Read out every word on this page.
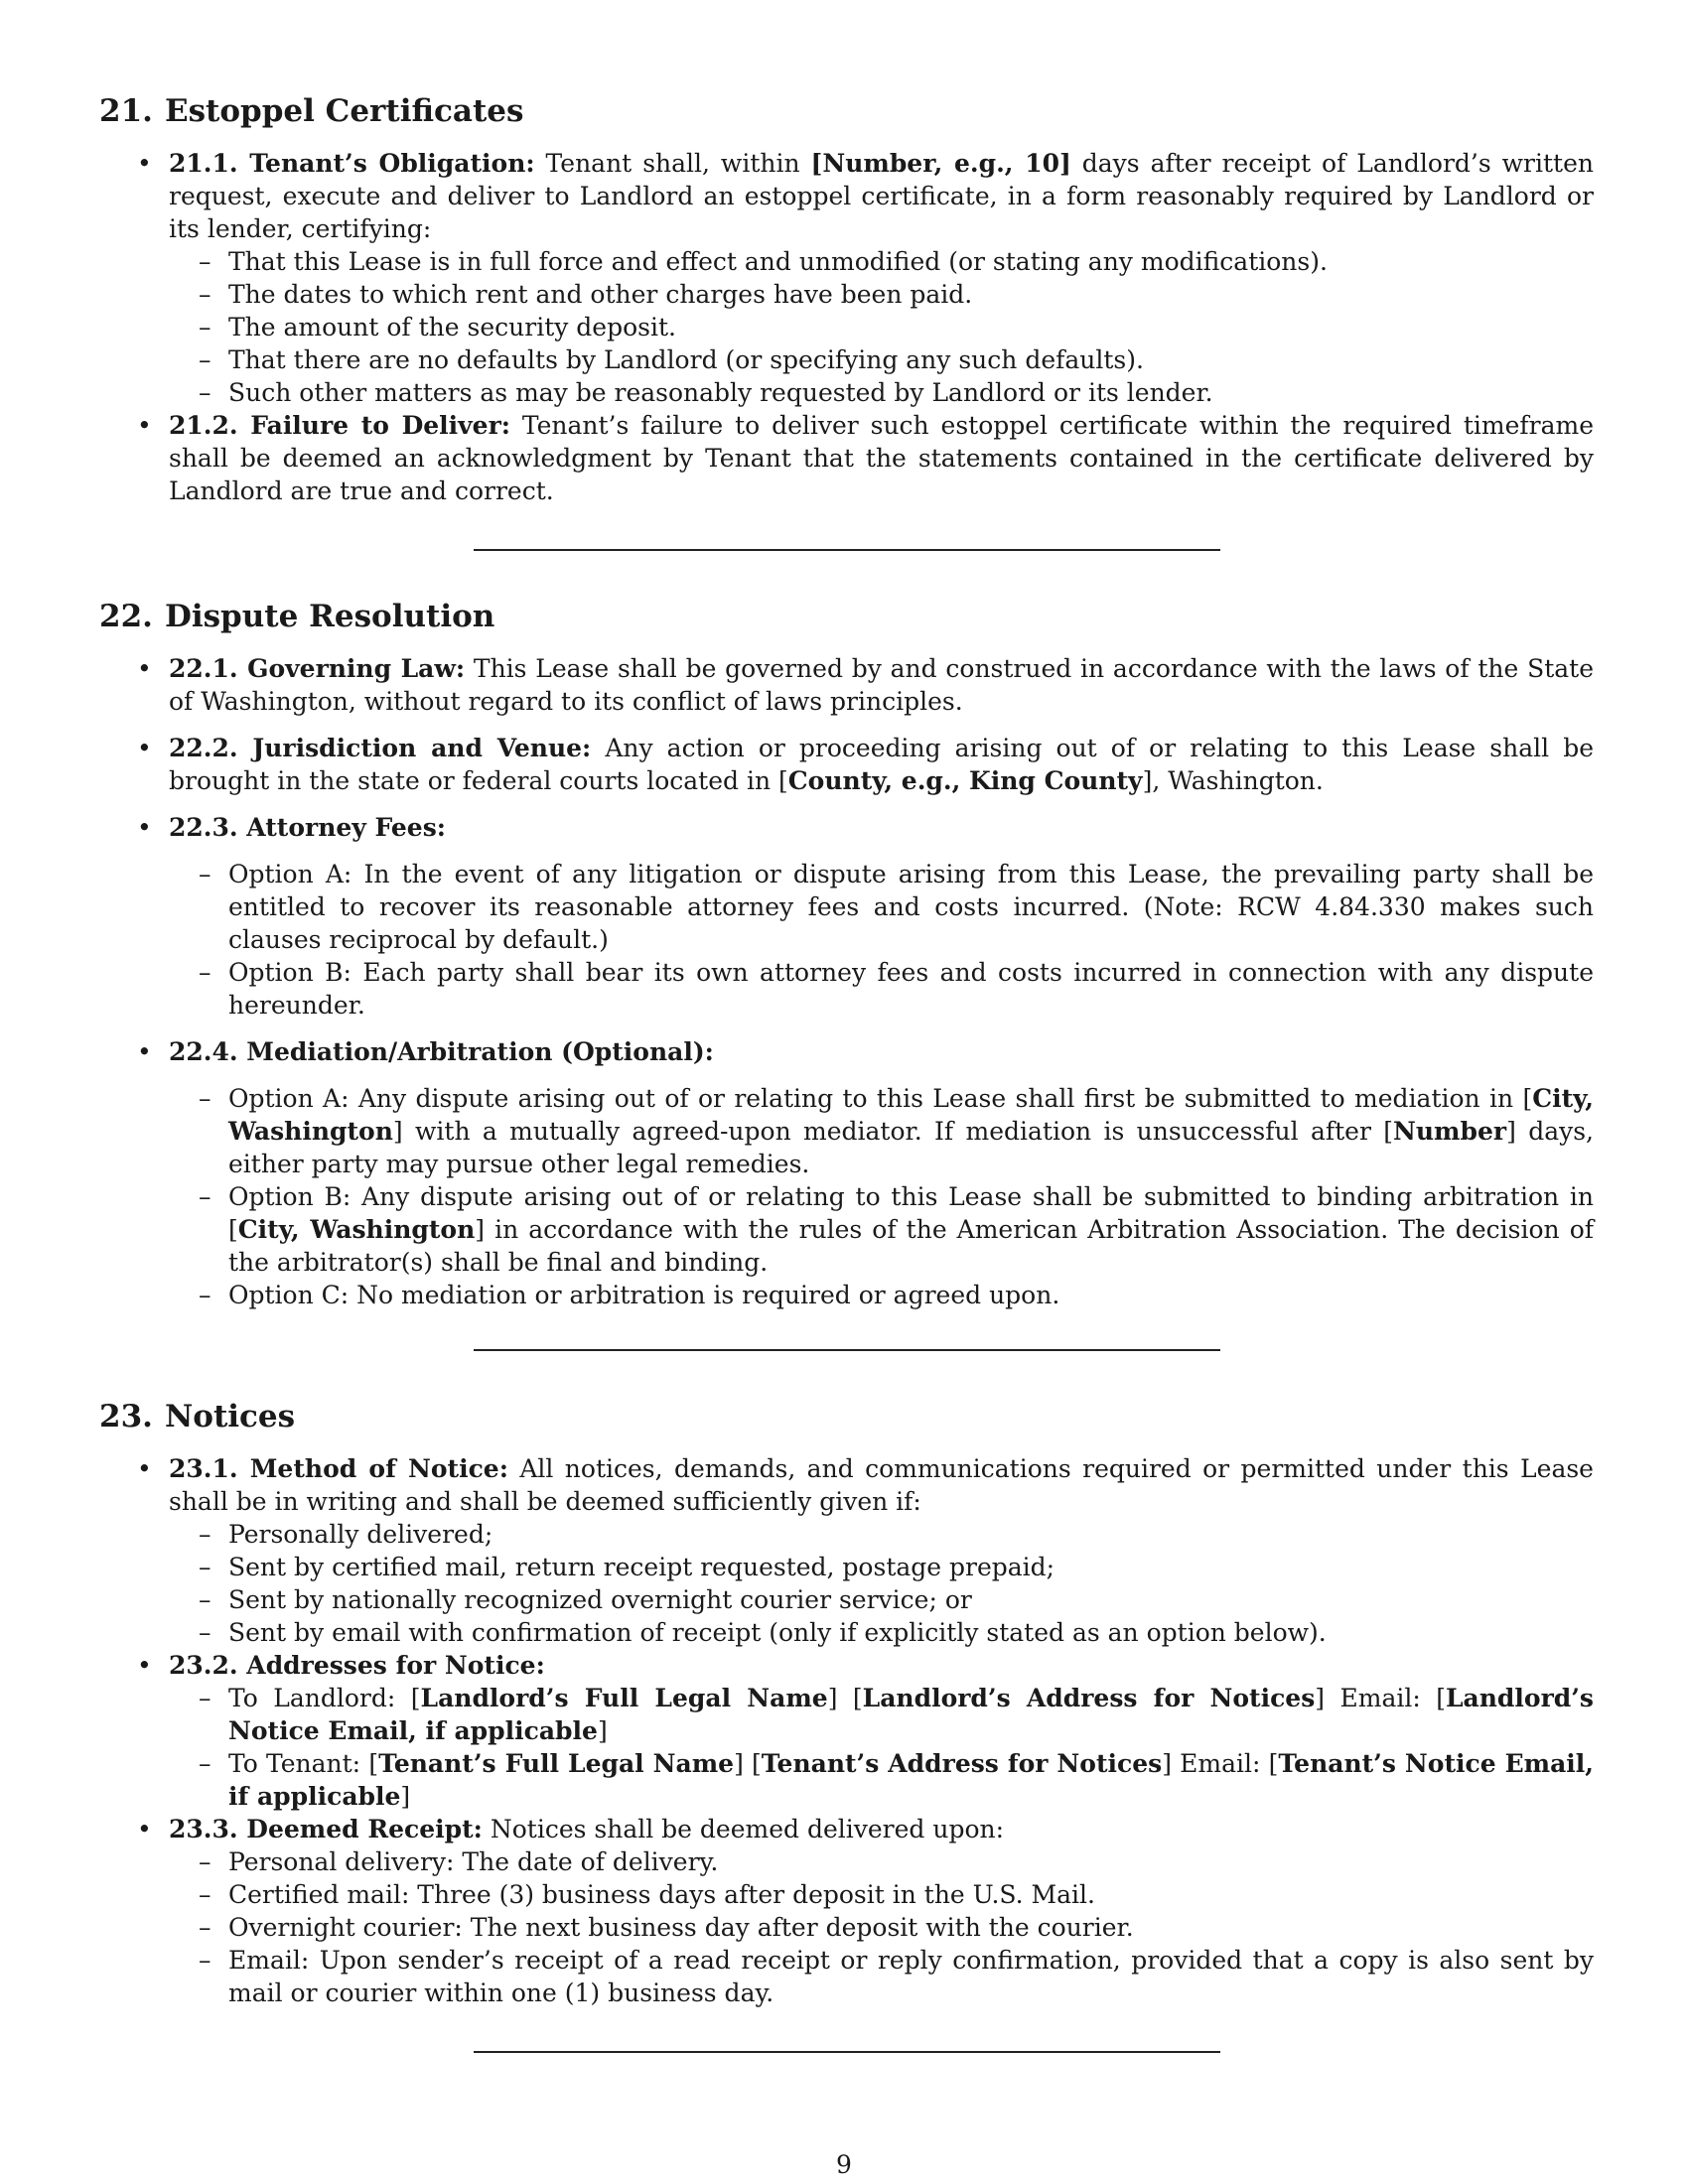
21. Estoppel Certificates
• 21.1. Tenant’s Obligation: Tenant shall, within [Number, e.g., 10] days after receipt of Landlord’s written request, execute and deliver to Landlord an estoppel certificate, in a form reasonably required by Landlord or its lender, certifying:
– That this Lease is in full force and effect and unmodified (or stating any modifications).
– The dates to which rent and other charges have been paid.
– The amount of the security deposit.
– That there are no defaults by Landlord (or specifying any such defaults).
– Such other matters as may be reasonably requested by Landlord or its lender.
• 21.2. Failure to Deliver: Tenant’s failure to deliver such estoppel certificate within the required timeframe shall be deemed an acknowledgment by Tenant that the statements contained in the certificate delivered by Landlord are true and correct.
22. Dispute Resolution
• 22.1. Governing Law: This Lease shall be governed by and construed in accordance with the laws of the State of Washington, without regard to its conflict of laws principles.
• 22.2. Jurisdiction and Venue: Any action or proceeding arising out of or relating to this Lease shall be brought in the state or federal courts located in [County, e.g., King County], Washington.
• 22.3. Attorney Fees:
– Option A: In the event of any litigation or dispute arising from this Lease, the prevailing party shall be entitled to recover its reasonable attorney fees and costs incurred. (Note: RCW 4.84.330 makes such clauses reciprocal by default.)
– Option B: Each party shall bear its own attorney fees and costs incurred in connection with any dispute hereunder.
• 22.4. Mediation/Arbitration (Optional):
– Option A: Any dispute arising out of or relating to this Lease shall first be submitted to mediation in [City, Washington] with a mutually agreed-upon mediator. If mediation is unsuccessful after [Number] days, either party may pursue other legal remedies.
– Option B: Any dispute arising out of or relating to this Lease shall be submitted to binding arbitration in [City, Washington] in accordance with the rules of the American Arbitration Association. The decision of the arbitrator(s) shall be final and binding.
– Option C: No mediation or arbitration is required or agreed upon.
23. Notices
• 23.1. Method of Notice: All notices, demands, and communications required or permitted under this Lease shall be in writing and shall be deemed sufficiently given if:
– Personally delivered;
– Sent by certified mail, return receipt requested, postage prepaid;
– Sent by nationally recognized overnight courier service; or
– Sent by email with confirmation of receipt (only if explicitly stated as an option below).
• 23.2. Addresses for Notice:
– To Landlord: [Landlord’s Full Legal Name] [Landlord’s Address for Notices] Email: [Landlord’s Notice Email, if applicable]
– To Tenant: [Tenant’s Full Legal Name] [Tenant’s Address for Notices] Email: [Tenant’s Notice Email, if applicable]
• 23.3. Deemed Receipt: Notices shall be deemed delivered upon:
– Personal delivery: The date of delivery.
– Certified mail: Three (3) business days after deposit in the U.S. Mail.
– Overnight courier: The next business day after deposit with the courier.
– Email: Upon sender’s receipt of a read receipt or reply confirmation, provided that a copy is also sent by mail or courier within one (1) business day.
9
